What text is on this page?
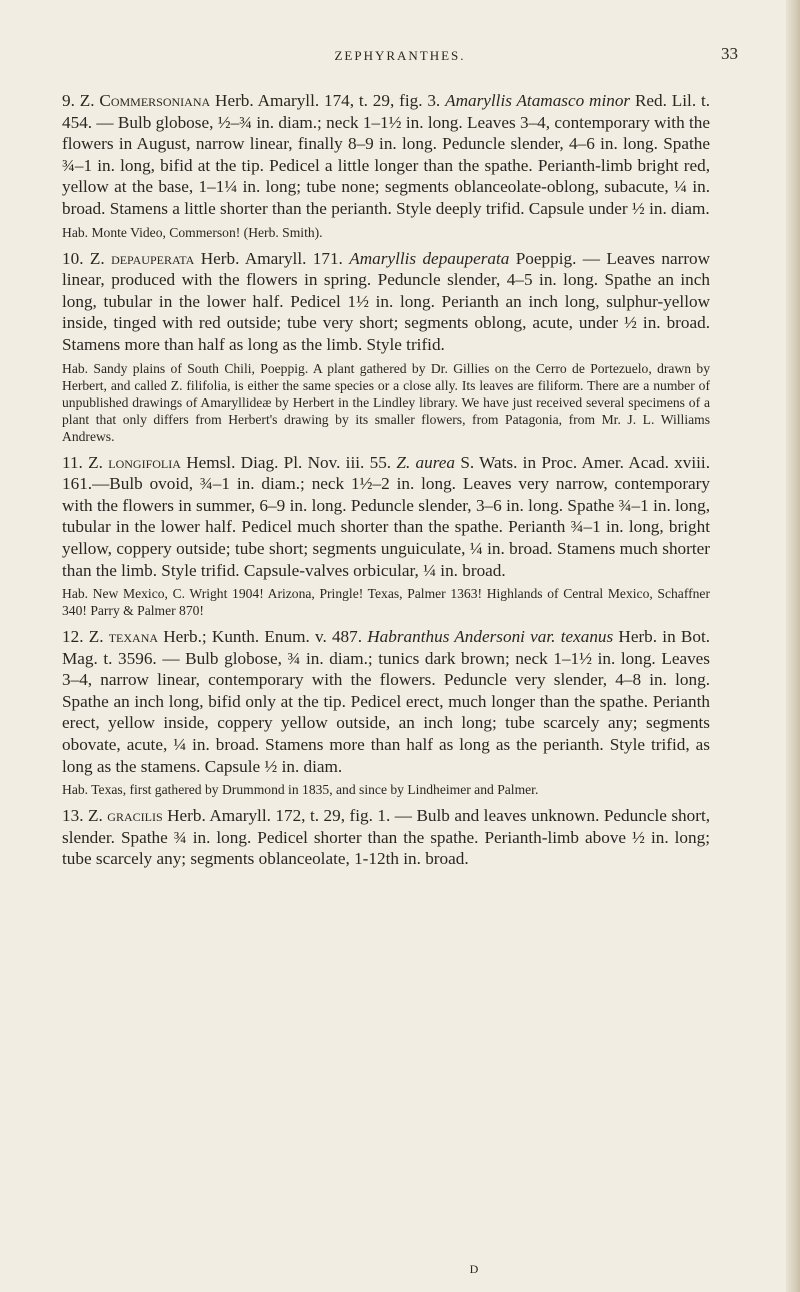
ZEPHYRANTHES.	33

9. Z. Commersoniana Herb. Amaryll. 174, t. 29, fig. 3. Amaryllis Atamasco minor Red. Lil. t. 454. — Bulb globose, ½–¾ in. diam.; neck 1–1½ in. long. Leaves 3–4, contemporary with the flowers in August, narrow linear, finally 8–9 in. long. Peduncle slender, 4–6 in. long. Spathe ¾–1 in. long, bifid at the tip. Pedicel a little longer than the spathe. Perianth-limb bright red, yellow at the base, 1–1¼ in. long; tube none; segments oblanceolate-oblong, subacute, ¼ in. broad. Stamens a little shorter than the perianth. Style deeply trifid. Capsule under ½ in. diam.

Hab. Monte Video, Commerson! (Herb. Smith).

10. Z. depauperata Herb. Amaryll. 171. Amaryllis depauperata Poeppig. — Leaves narrow linear, produced with the flowers in spring. Peduncle slender, 4–5 in. long. Spathe an inch long, tubular in the lower half. Pedicel 1½ in. long. Perianth an inch long, sulphur-yellow inside, tinged with red outside; tube very short; segments oblong, acute, under ½ in. broad. Stamens more than half as long as the limb. Style trifid.

Hab. Sandy plains of South Chili, Poeppig. A plant gathered by Dr. Gillies on the Cerro de Portezuelo, drawn by Herbert, and called Z. filifolia, is either the same species or a close ally. Its leaves are filiform. There are a number of unpublished drawings of Amaryllideæ by Herbert in the Lindley library. We have just received several specimens of a plant that only differs from Herbert's drawing by its smaller flowers, from Patagonia, from Mr. J. L. Williams Andrews.

11. Z. longifolia Hemsl. Diag. Pl. Nov. iii. 55. Z. aurea S. Wats. in Proc. Amer. Acad. xviii. 161.—Bulb ovoid, ¾–1 in. diam.; neck 1½–2 in. long. Leaves very narrow, contemporary with the flowers in summer, 6–9 in. long. Peduncle slender, 3–6 in. long. Spathe ¾–1 in. long, tubular in the lower half. Pedicel much shorter than the spathe. Perianth ¾–1 in. long, bright yellow, coppery outside; tube short; segments unguiculate, ¼ in. broad. Stamens much shorter than the limb. Style trifid. Capsule-valves orbicular, ¼ in. broad.

Hab. New Mexico, C. Wright 1904! Arizona, Pringle! Texas, Palmer 1363! Highlands of Central Mexico, Schaffner 340! Parry & Palmer 870!

12. Z. texana Herb.; Kunth. Enum. v. 487. Habranthus Andersoni var. texanus Herb. in Bot. Mag. t. 3596. — Bulb globose, ¾ in. diam.; tunics dark brown; neck 1–1½ in. long. Leaves 3–4, narrow linear, contemporary with the flowers. Peduncle very slender, 4–8 in. long. Spathe an inch long, bifid only at the tip. Pedicel erect, much longer than the spathe. Perianth erect, yellow inside, coppery yellow outside, an inch long; tube scarcely any; segments obovate, acute, ¼ in. broad. Stamens more than half as long as the perianth. Style trifid, as long as the stamens. Capsule ½ in. diam.

Hab. Texas, first gathered by Drummond in 1835, and since by Lindheimer and Palmer.

13. Z. gracilis Herb. Amaryll. 172, t. 29, fig. 1. — Bulb and leaves unknown. Peduncle short, slender. Spathe ¾ in. long. Pedicel shorter than the spathe. Perianth-limb above ½ in. long; tube scarcely any; segments oblanceolate, 1-12th in. broad.

D
